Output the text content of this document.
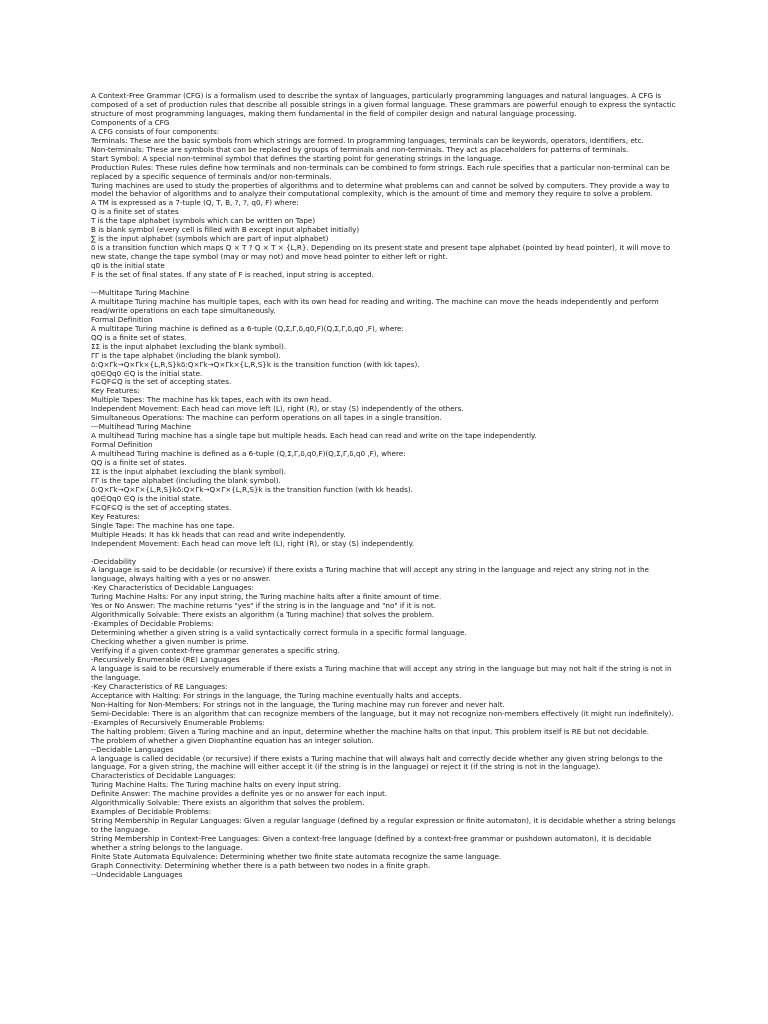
A Context-Free Grammar (CFG) is a formalism used to describe the syntax of languages, particularly programming languages and natural languages. A CFG is composed of a set of production rules that describe all possible strings in a given formal language. These grammars are powerful enough to express the syntactic structure of most programming languages, making them fundamental in the field of compiler design and natural language processing.

Components of a CFG

A CFG consists of four components:

Terminals: These are the basic symbols from which strings are formed. In programming languages, terminals can be keywords, operators, identifiers, etc.

Non-terminals: These are symbols that can be replaced by groups of terminals and non-terminals. They act as placeholders for patterns of terminals.

Start Symbol: A special non-terminal symbol that defines the starting point for generating strings in the language.

Production Rules: These rules define how terminals and non-terminals can be combined to form strings. Each rule specifies that a particular non-terminal can be replaced by a specific sequence of terminals and/or non-terminals.

Turing machines are used to study the properties of algorithms and to determine what problems can and cannot be solved by computers. They provide a way to model the behavior of algorithms and to analyze their computational complexity, which is the amount of time and memory they require to solve a problem.

A TM is expressed as a 7-tuple (Q, T, B, ?, ?, q0, F) where:

Q is a finite set of states

T is the tape alphabet (symbols which can be written on Tape)

B is blank symbol (every cell is filled with B except input alphabet initially)

∑ is the input alphabet (symbols which are part of input alphabet)

δ is a transition function which maps Q × T ? Q × T × {L,R}. Depending on its present state and present tape alphabet (pointed by head pointer), it will move to new state, change the tape symbol (may or may not) and move head pointer to either left or right.

q0 is the initial state

F is the set of final states. If any state of F is reached, input string is accepted.

---Multitape Turing Machine

A multitape Turing machine has multiple tapes, each with its own head for reading and writing. The machine can move the heads independently and perform read/write operations on each tape simultaneously.

Formal Definition

A multitape Turing machine is defined as a 6-tuple (Q,Σ,Γ,δ,q0,F)(Q,Σ,Γ,δ,q0 ,F), where:

QQ is a finite set of states.

ΣΣ is the input alphabet (excluding the blank symbol).

ΓΓ is the tape alphabet (including the blank symbol).

δ:Q×Γk→Q×Γk×{L,R,S}kδ:Q×Γk→Q×Γk×{L,R,S}k is the transition function (with kk tapes).

q0∈Qq0 ∈Q is the initial state.

F⊆QF⊆Q is the set of accepting states.

Key Features:

Multiple Tapes: The machine has kk tapes, each with its own head.

Independent Movement: Each head can move left (L), right (R), or stay (S) independently of the others.

Simultaneous Operations: The machine can perform operations on all tapes in a single transition.

---Multihead Turing Machine

A multihead Turing machine has a single tape but multiple heads. Each head can read and write on the tape independently.

Formal Definition

A multihead Turing machine is defined as a 6-tuple (Q,Σ,Γ,δ,q0,F)(Q,Σ,Γ,δ,q0 ,F), where:

QQ is a finite set of states.

ΣΣ is the input alphabet (excluding the blank symbol).

ΓΓ is the tape alphabet (including the blank symbol).

δ:Q×Γk→Q×Γ×{L,R,S}kδ:Q×Γk→Q×Γ×{L,R,S}k is the transition function (with kk heads).

q0∈Qq0 ∈Q is the initial state.

F⊆QF⊆Q is the set of accepting states.

Key Features:

Single Tape: The machine has one tape.

Multiple Heads: It has kk heads that can read and write independently.

Independent Movement: Each head can move left (L), right (R), or stay (S) independently.

-Decidability

A language is said to be decidable (or recursive) if there exists a Turing machine that will accept any string in the language and reject any string not in the language, always halting with a yes or no answer.

-Key Characteristics of Decidable Languages:

Turing Machine Halts: For any input string, the Turing machine halts after a finite amount of time.

Yes or No Answer: The machine returns "yes" if the string is in the language and "no" if it is not.

Algorithmically Solvable: There exists an algorithm (a Turing machine) that solves the problem.

-Examples of Decidable Problems:

Determining whether a given string is a valid syntactically correct formula in a specific formal language.

Checking whether a given number is prime.

Verifying if a given context-free grammar generates a specific string.

-Recursively Enumerable (RE) Languages

A language is said to be recursively enumerable if there exists a Turing machine that will accept any string in the language but may not halt if the string is not in the language.

-Key Characteristics of RE Languages:

Acceptance with Halting: For strings in the language, the Turing machine eventually halts and accepts.

Non-Halting for Non-Members: For strings not in the language, the Turing machine may run forever and never halt.

Semi-Decidable: There is an algorithm that can recognize members of the language, but it may not recognize non-members effectively (it might run indefinitely).

-Examples of Recursively Enumerable Problems:

The halting problem: Given a Turing machine and an input, determine whether the machine halts on that input. This problem itself is RE but not decidable.

The problem of whether a given Diophantine equation has an integer solution.

--Decidable Languages

A language is called decidable (or recursive) if there exists a Turing machine that will always halt and correctly decide whether any given string belongs to the language. For a given string, the machine will either accept it (if the string is in the language) or reject it (if the string is not in the language).

Characteristics of Decidable Languages:

Turing Machine Halts: The Turing machine halts on every input string.

Definite Answer: The machine provides a definite yes or no answer for each input.

Algorithmically Solvable: There exists an algorithm that solves the problem.

Examples of Decidable Problems:

String Membership in Regular Languages: Given a regular language (defined by a regular expression or finite automaton), it is decidable whether a string belongs to the language.

String Membership in Context-Free Languages: Given a context-free language (defined by a context-free grammar or pushdown automaton), it is decidable whether a string belongs to the language.

Finite State Automata Equivalence: Determining whether two finite state automata recognize the same language.

Graph Connectivity: Determining whether there is a path between two nodes in a finite graph.

--Undecidable Languages
